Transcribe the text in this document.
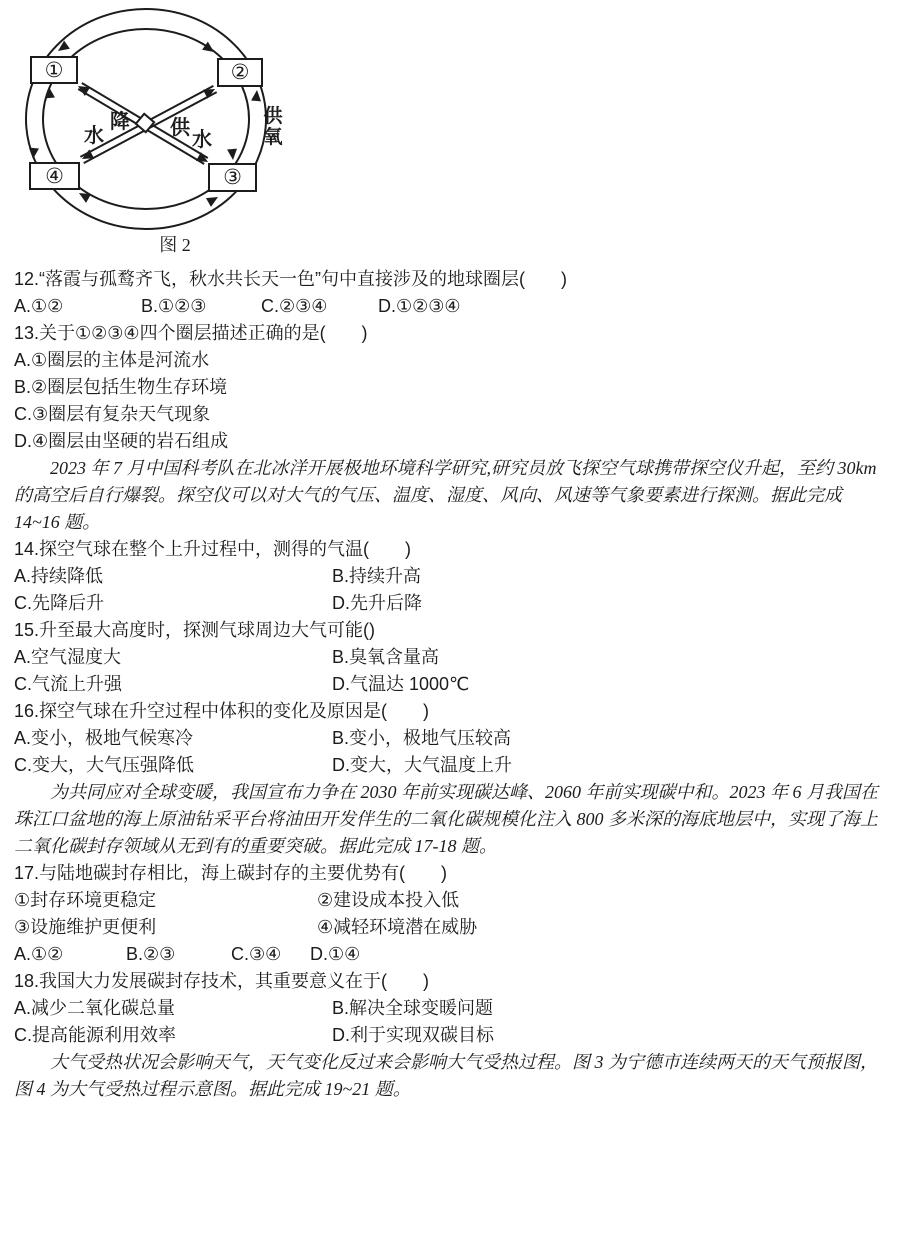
①	②
③
④
降
水	供
水
供氧
图 2
12.“落霞与孤鹜齐飞，秋水共长天一色”句中直接涉及的地球圈层(　　)
A.①②	B.①②③	C.②③④	D.①②③④
13.关于①②③④四个圈层描述正确的是(　　)
A.①圈层的主体是河流水
B.②圈层包括生物生存环境
C.③圈层有复杂天气现象
D.④圈层由坚硬的岩石组成

2023 年 7 月中国科考队在北冰洋开展极地环境科学研究,研究员放飞探空气球携带探空仪升起，至约 30km 的高空后自行爆裂。探空仪可以对大气的气压、温度、湿度、风向、风速等气象要素进行探测。据此完成 14~16 题。

14.探空气球在整个上升过程中，测得的气温(　　)
A.持续降低	B.持续升高
C.先降后升	D.先升后降
15.升至最大高度时，探测气球周边大气可能()
A.空气湿度大	B.臭氧含量高
C.气流上升强	D.气温达 1000℃
16.探空气球在升空过程中体积的变化及原因是(　　)
A.变小，极地气候寒冷	B.变小，极地气压较高
C.变大，大气压强降低	D.变大，大气温度上升

为共同应对全球变暖，我国宣布力争在 2030 年前实现碳达峰、2060 年前实现碳中和。2023 年 6 月我国在珠江口盆地的海上原油钻采平台将油田开发伴生的二氧化碳规模化注入 800 多米深的海底地层中，实现了海上二氧化碳封存领域从无到有的重要突破。据此完成 17-18 题。

17.与陆地碳封存相比，海上碳封存的主要优势有(　　)
①封存环境更稳定	②建设成本投入低
③设施维护更便利	④减轻环境潜在威胁
A.①②	B.②③	C.③④ D.①④
18.我国大力发展碳封存技术，其重要意义在于(　　)
A.减少二氧化碳总量	B.解决全球变暖问题
C.提高能源利用效率	D.利于实现双碳目标

大气受热状况会影响天气，天气变化反过来会影响大气受热过程。图 3 为宁德市连续两天的天气预报图，图 4 为大气受热过程示意图。据此完成 19~21 题。
